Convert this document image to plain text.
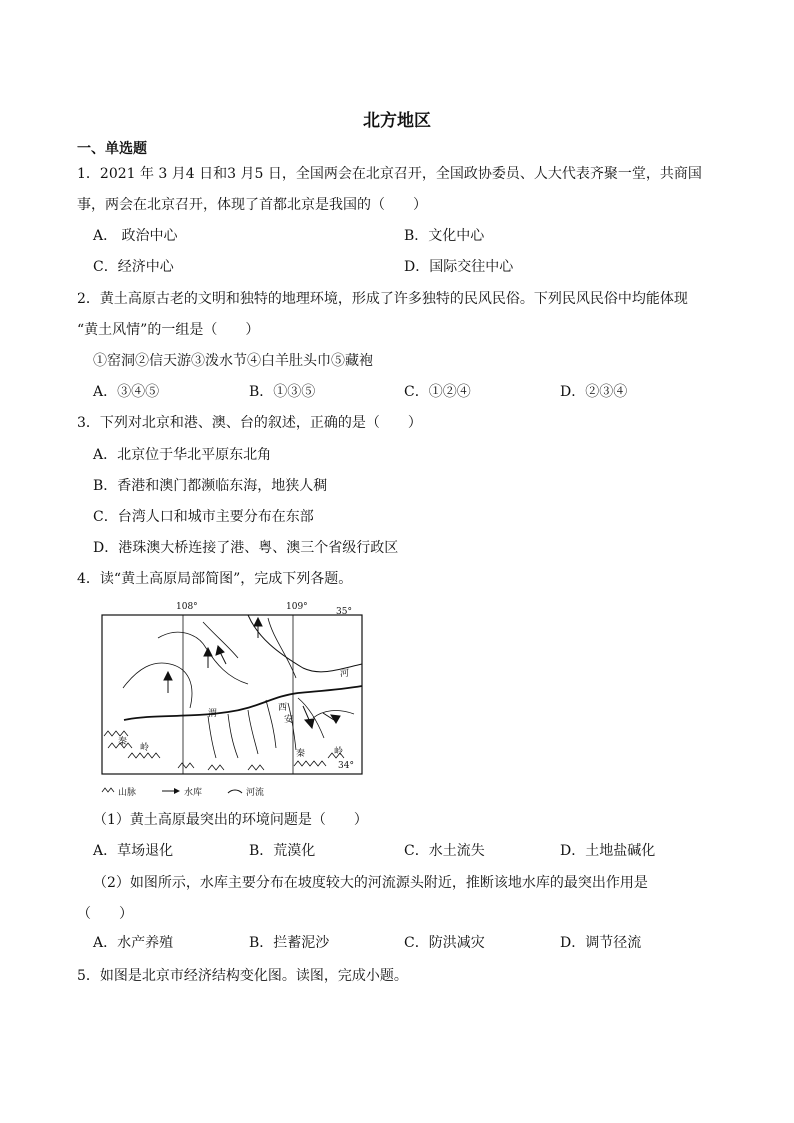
北方地区
一、单选题
1．2021 年 3 月4 日和3 月5 日，全国两会在北京召开，全国政协委员、人大代表齐聚一堂，共商国
事，两会在北京召开，体现了首都北京是我国的（　　）
A． 政治中心	B．文化中心
C．经济中心	D．国际交往中心
2．黄土高原古老的文明和独特的地理环境，形成了许多独特的民风民俗。下列民风民俗中均能体现
“黄土风情”的一组是（　　）
①窑洞②信天游③泼水节④白羊肚头巾⑤藏袍
A．③④⑤	B．①③⑤	C．①②④	D．②③④
3．下列对北京和港、澳、台的叙述，正确的是（　　）
A．北京位于华北平原东北角
B．香港和澳门都濒临东海，地狭人稠
C．台湾人口和城市主要分布在东部
D．港珠澳大桥连接了港、粤、澳三个省级行政区
4．读“黄土高原局部简图”，完成下列各题。
108°	109°	35°
34°
渭
河
西
安
秦
岭
秦	岭
山脉	水库	河流
（1）黄土高原最突出的环境问题是（　　）
A．草场退化	B．荒漠化	C．水土流失	D．土地盐碱化
（2）如图所示，水库主要分布在坡度较大的河流源头附近，推断该地水库的最突出作用是
（　　）
A．水产养殖	B．拦蓄泥沙	C．防洪减灾	D．调节径流
5．如图是北京市经济结构变化图。读图，完成小题。
